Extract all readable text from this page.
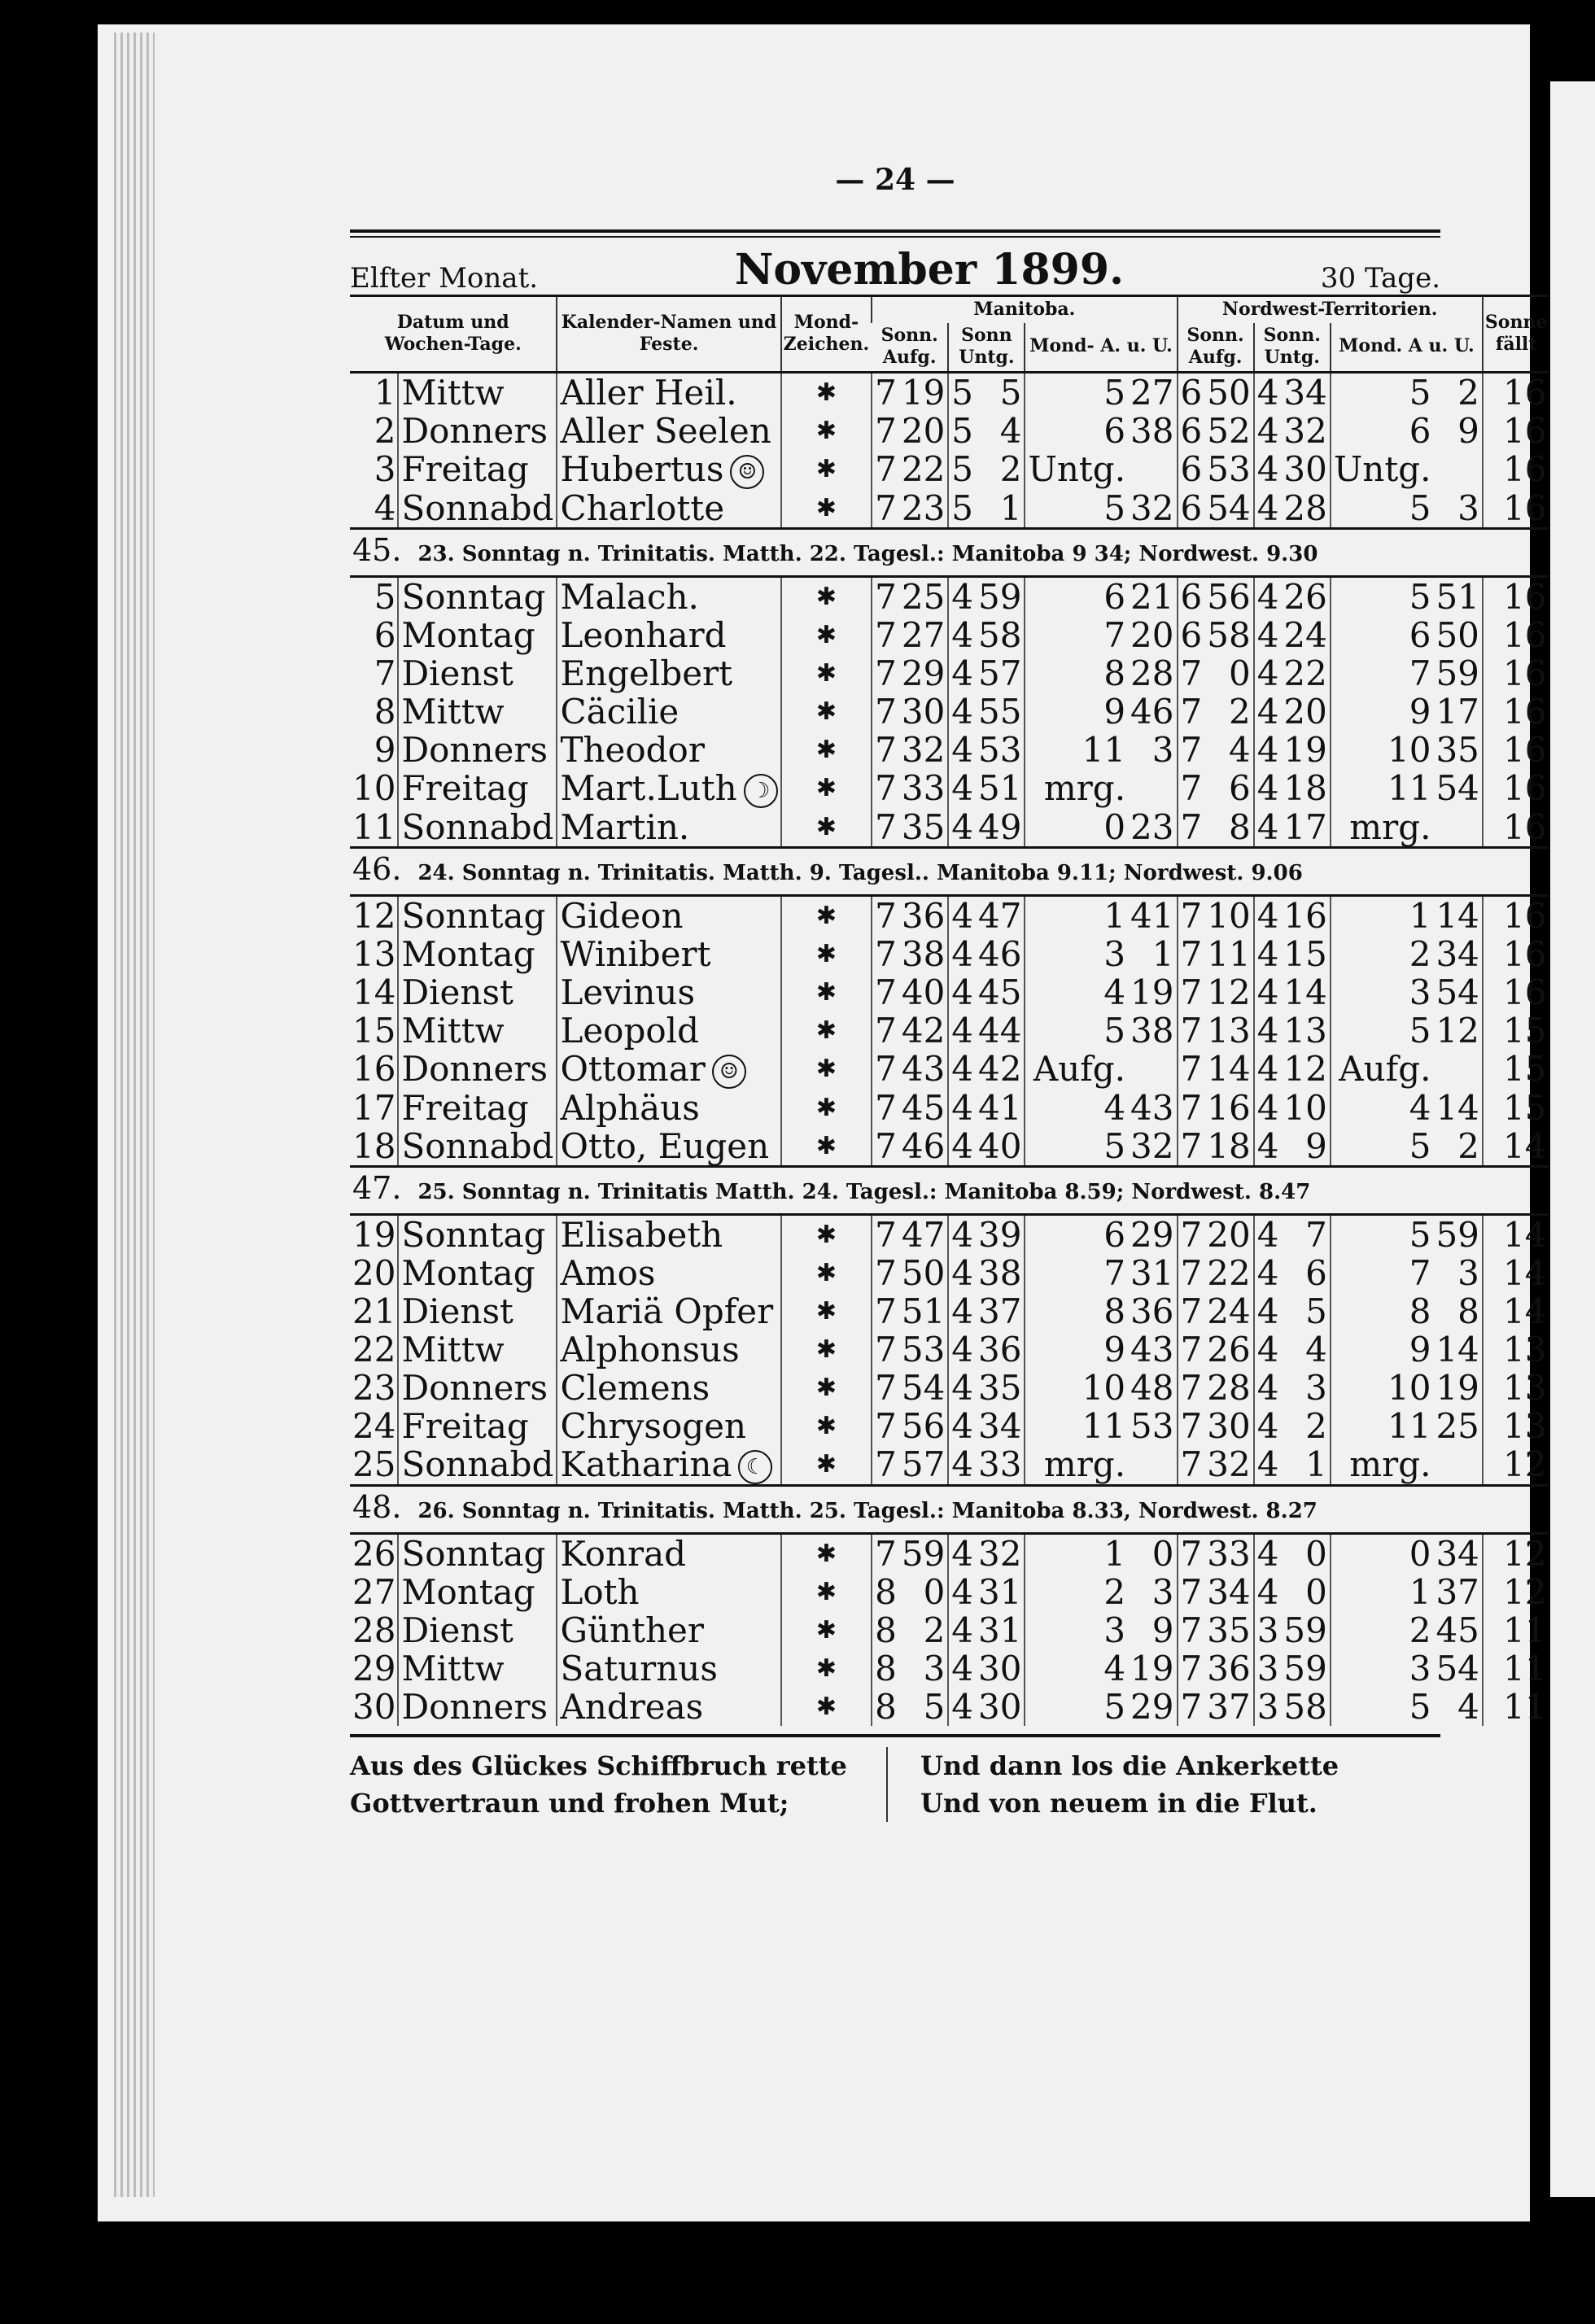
— 24 —
Elfter Monat.	November 1899.	30 Tage.
Datum und Wochen-Tage.		Kalender-Namen und Feste.	Mond-Zeichen.	Manitoba.						Nordwest-Territorien.						Sonne fällt
				Sonn. Aufg.		Sonn Untg.		Mond- A. u. U.		Sonn. Aufg.		Sonn. Untg.		Mond. A u. U.		
1	Mittw	Aller Heil.	✱	7	19	5	5	5	27	6	50	4	34	5	2	16
2	Donners	Aller Seelen	✱	7	20	5	4	6	38	6	52	4	32	6	9	16
3	Freitag	Hubertus ☺	✱	7	22	5	2	Untg.		6	53	4	30	Untg.		16
4	Sonnabd	Charlotte	✱	7	23	5	1	5	32	6	54	4	28	5	3	16
45. 23. Sonntag n. Trinitatis. Matth. 22. Tagesl.: Manitoba 9 34; Nordwest. 9.30																
5	Sonntag	Malach.	✱	7	25	4	59	6	21	6	56	4	26	5	51	16
6	Montag	Leonhard	✱	7	27	4	58	7	20	6	58	4	24	6	50	16
7	Dienst	Engelbert	✱	7	29	4	57	8	28	7	0	4	22	7	59	16
8	Mittw	Cäcilie	✱	7	30	4	55	9	46	7	2	4	20	9	17	16
9	Donners	Theodor	✱	7	32	4	53	11	3	7	4	4	19	10	35	16
10	Freitag	Mart.Luth ☽	✱	7	33	4	51	mrg.		7	6	4	18	11	54	16
11	Sonnabd	Martin.	✱	7	35	4	49	0	23	7	8	4	17	mrg.		16
46. 24. Sonntag n. Trinitatis. Matth. 9. Tagesl.. Manitoba 9.11; Nordwest. 9.06																
12	Sonntag	Gideon	✱	7	36	4	47	1	41	7	10	4	16	1	14	16
13	Montag	Winibert	✱	7	38	4	46	3	1	7	11	4	15	2	34	16
14	Dienst	Levinus	✱	7	40	4	45	4	19	7	12	4	14	3	54	16
15	Mittw	Leopold	✱	7	42	4	44	5	38	7	13	4	13	5	12	15
16	Donners	Ottomar ☺	✱	7	43	4	42	Aufg.		7	14	4	12	Aufg.		15
17	Freitag	Alphäus	✱	7	45	4	41	4	43	7	16	4	10	4	14	15
18	Sonnabd	Otto, Eugen	✱	7	46	4	40	5	32	7	18	4	9	5	2	14
47. 25. Sonntag n. Trinitatis Matth. 24. Tagesl.: Manitoba 8.59; Nordwest. 8.47																
19	Sonntag	Elisabeth	✱	7	47	4	39	6	29	7	20	4	7	5	59	14
20	Montag	Amos	✱	7	50	4	38	7	31	7	22	4	6	7	3	14
21	Dienst	Mariä Opfer	✱	7	51	4	37	8	36	7	24	4	5	8	8	14
22	Mittw	Alphonsus	✱	7	53	4	36	9	43	7	26	4	4	9	14	13
23	Donners	Clemens	✱	7	54	4	35	10	48	7	28	4	3	10	19	13
24	Freitag	Chrysogen	✱	7	56	4	34	11	53	7	30	4	2	11	25	13
25	Sonnabd	Katharina ☾	✱	7	57	4	33	mrg.		7	32	4	1	mrg.		12
48. 26. Sonntag n. Trinitatis. Matth. 25. Tagesl.: Manitoba 8.33, Nordwest. 8.27																
26	Sonntag	Konrad	✱	7	59	4	32	1	0	7	33	4	0	0	34	12
27	Montag	Loth	✱	8	0	4	31	2	3	7	34	4	0	1	37	12
28	Dienst	Günther	✱	8	2	4	31	3	9	7	35	3	59	2	45	11
29	Mittw	Saturnus	✱	8	3	4	30	4	19	7	36	3	59	3	54	11
30	Donners	Andreas	✱	8	5	4	30	5	29	7	37	3	58	5	4	11
Aus des Glückes Schiffbruch rette
Gottvertraun und frohen Mut;
Und dann los die Ankerkette
Und von neuem in die Flut.
